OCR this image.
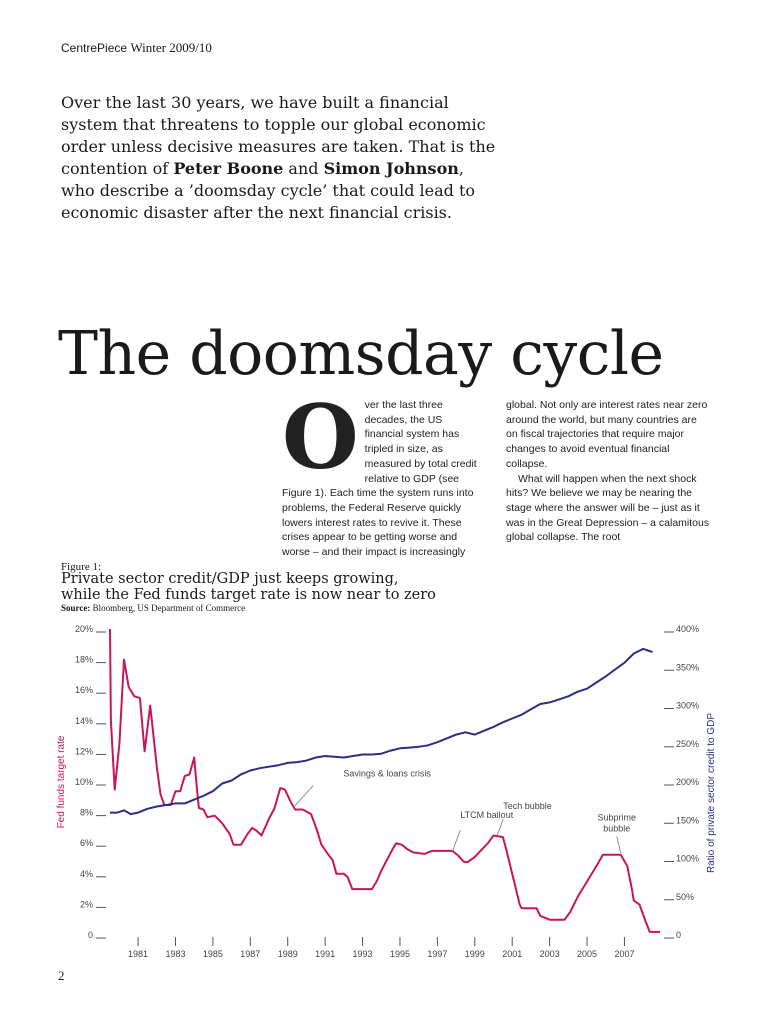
CentrePiece Winter 2009/10
Over the last 30 years, we have built a financial system that threatens to topple our global economic order unless decisive measures are taken. That is the contention of Peter Boone and Simon Johnson, who describe a ’doomsday cycle’ that could lead to economic disaster after the next financial crisis.
The doomsday cycle
O ver the last three decades, the US financial system has tripled in size, as measured by total credit relative to GDP (see Figure 1). Each time the system runs into problems, the Federal Reserve quickly lowers interest rates to revive it. These crises appear to be getting worse and worse – and their impact is increasingly

global. Not only are interest rates near zero around the world, but many countries are on fiscal trajectories that require major changes to avoid eventual financial collapse.

What will happen when the next shock hits? We believe we may be nearing the stage where the answer will be – just as it was in the Great Depression – a calamitous global collapse. The root

Figure 1:
Private sector credit/GDP just keeps growing, while the Fed funds target rate is now near to zero
Source: Bloomberg, US Department of Commerce
0
2%
4%
6%
8%
10%
12%
14%
16%
18%
20%
0
50%
100%
150%
200%
250%
300%
350%
400%
1981 1983 1985 1987 1989 1991 1993 1995 1997 1999 2001 2003 2005 2007
Fed funds target rate	Ratio of private sector credit to GDP
Savings & loans crisis
LTCM bailout
Tech bubble
Subprime
bubble
2
